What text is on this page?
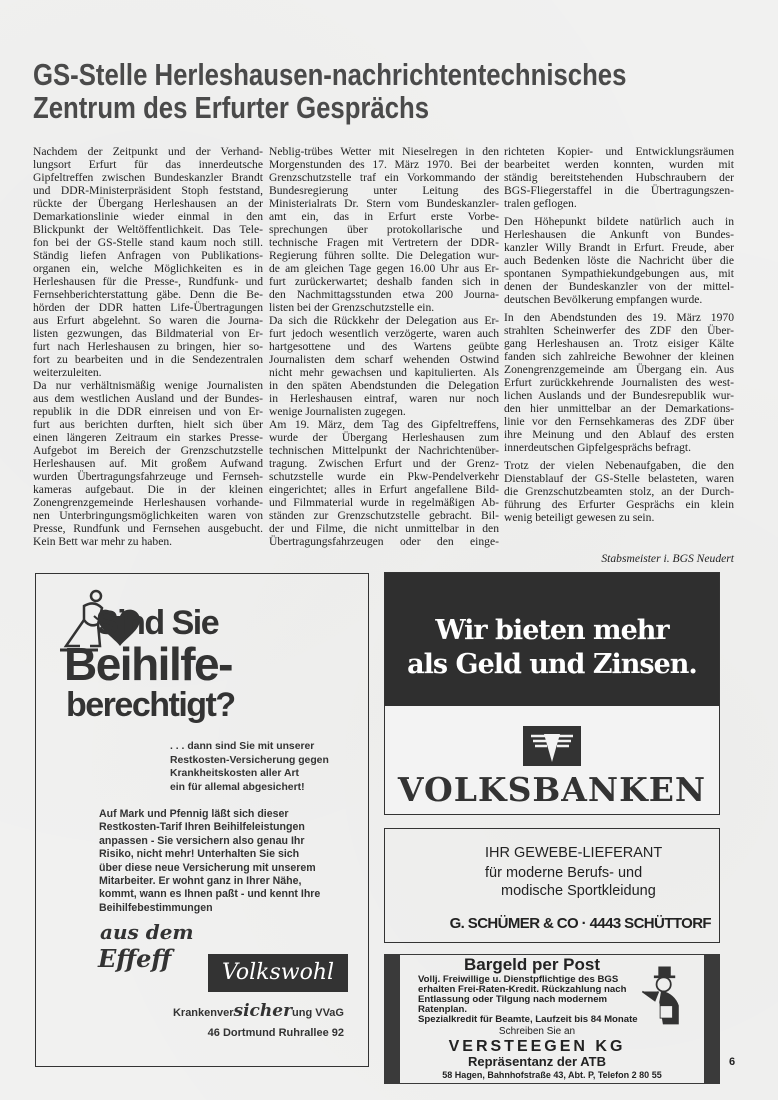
GS-Stelle Herleshausen-nachrichtentechnisches
Zentrum des Erfurter Gesprächs
Nachdem der Zeitpunkt und der Verhand-
lungsort Erfurt für das innerdeutsche
Gipfeltreffen zwischen Bundeskanzler Brandt
und DDR-Ministerpräsident Stoph feststand,
rückte der Übergang Herleshausen an der
Demarkationslinie wieder einmal in den
Blickpunkt der Weltöffentlichkeit. Das Tele-
fon bei der GS-Stelle stand kaum noch still.
Ständig liefen Anfragen von Publikations-
organen ein, welche Möglichkeiten es in
Herleshausen für die Presse-, Rundfunk- und
Fernsehberichterstattung gäbe. Denn die Be-
hörden der DDR hatten Life-Übertragungen
aus Erfurt abgelehnt. So waren die Journa-
listen gezwungen, das Bildmaterial von Er-
furt nach Herleshausen zu bringen, hier so-
fort zu bearbeiten und in die Sendezentralen
weiterzuleiten.
Da nur verhältnismäßig wenige Journalisten
aus dem westlichen Ausland und der Bundes-
republik in die DDR einreisen und von Er-
furt aus berichten durften, hielt sich über
einen längeren Zeitraum ein starkes Presse-
Aufgebot im Bereich der Grenzschutzstelle
Herleshausen auf. Mit großem Aufwand
wurden Übertragungsfahrzeuge und Fernseh-
kameras aufgebaut. Die in der kleinen
Zonengrenzgemeinde Herleshausen vorhande-
nen Unterbringungsmöglichkeiten waren von
Presse, Rundfunk und Fernsehen ausgebucht.
Kein Bett war mehr zu haben.
Neblig-trübes Wetter mit Nieselregen in den
Morgenstunden des 17. März 1970. Bei der
Grenzschutzstelle traf ein Vorkommando der
Bundesregierung unter Leitung des
Ministerialrats Dr. Stern vom Bundeskanzler-
amt ein, das in Erfurt erste Vorbe-
sprechungen über protokollarische und
technische Fragen mit Vertretern der DDR-
Regierung führen sollte. Die Delegation wur-
de am gleichen Tage gegen 16.00 Uhr aus Er-
furt zurückerwartet; deshalb fanden sich in
den Nachmittagsstunden etwa 200 Journa-
listen bei der Grenzschutzstelle ein.
Da sich die Rückkehr der Delegation aus Er-
furt jedoch wesentlich verzögerte, waren auch
hartgesottene und des Wartens geübte
Journalisten dem scharf wehenden Ostwind
nicht mehr gewachsen und kapitulierten. Als
in den späten Abendstunden die Delegation
in Herleshausen eintraf, waren nur noch
wenige Journalisten zugegen.
Am 19. März, dem Tag des Gipfeltreffens,
wurde der Übergang Herleshausen zum
technischen Mittelpunkt der Nachrichtenüber-
tragung. Zwischen Erfurt und der Grenz-
schutzstelle wurde ein Pkw-Pendelverkehr
eingerichtet; alles in Erfurt angefallene Bild-
und Filmmaterial wurde in regelmäßigen Ab-
ständen zur Grenzschutzstelle gebracht. Bil-
der und Filme, die nicht unmittelbar in den
Übertragungsfahrzeugen oder den einge-
richteten Kopier- und Entwicklungsräumen
bearbeitet werden konnten, wurden mit
ständig bereitstehenden Hubschraubern der
BGS-Fliegerstaffel in die Übertragungszen-
tralen geflogen.
Den Höhepunkt bildete natürlich auch in
Herleshausen die Ankunft von Bundes-
kanzler Willy Brandt in Erfurt. Freude, aber
auch Bedenken löste die Nachricht über die
spontanen Sympathiekundgebungen aus, mit
denen der Bundeskanzler von der mittel-
deutschen Bevölkerung empfangen wurde.
In den Abendstunden des 19. März 1970
strahlten Scheinwerfer des ZDF den Über-
gang Herleshausen an. Trotz eisiger Kälte
fanden sich zahlreiche Bewohner der kleinen
Zonengrenzgemeinde am Übergang ein. Aus
Erfurt zurückkehrende Journalisten des west-
lichen Auslands und der Bundesrepublik wur-
den hier unmittelbar an der Demarkations-
linie vor den Fernsehkameras des ZDF über
ihre Meinung und den Ablauf des ersten
innerdeutschen Gipfelgesprächs befragt.
Trotz der vielen Nebenaufgaben, die den
Dienstablauf der GS-Stelle belasteten, waren
die Grenzschutzbeamten stolz, an der Durch-
führung des Erfurter Gesprächs ein klein
wenig beteiligt gewesen zu sein.
Stabsmeister i. BGS Neudert
Sind Sie
Beihilfe-
berechtigt?
. . . dann sind Sie mit unserer
Restkosten-Versicherung gegen
Krankheitskosten aller Art
ein für allemal abgesichert!
Auf Mark und Pfennig läßt sich dieser
Restkosten-Tarif Ihren Beihilfeleistungen
anpassen - Sie versichern also genau Ihr
Risiko, nicht mehr! Unterhalten Sie sich
über diese neue Versicherung mit unserem
Mitarbeiter. Er wohnt ganz in Ihrer Nähe,
kommt, wann es Ihnen paßt - und kennt Ihre
Beihilfebestimmungen
aus dem
Effeff	Volkswohl
Krankenversicherung VVaG
46 Dortmund Ruhrallee 92
Wir bieten mehr
als Geld und Zinsen.
VOLKSBANKEN
IHR GEWEBE-LIEFERANT
für moderne Berufs- und
modische Sportkleidung
G. SCHÜMER & CO · 4443 SCHÜTTORF
Bargeld per Post
Vollj. Freiwillige u. Dienstpflichtige des BGS
erhalten Frei-Raten-Kredit. Rückzahlung nach
Entlassung oder Tilgung nach modernem
Ratenplan.
Spezialkredit für Beamte, Laufzeit bis 84 Monate
Schreiben Sie an
VERSTEEGEN KG
Repräsentanz der ATB
58 Hagen, Bahnhofstraße 43, Abt. P, Telefon 2 80 55
6
